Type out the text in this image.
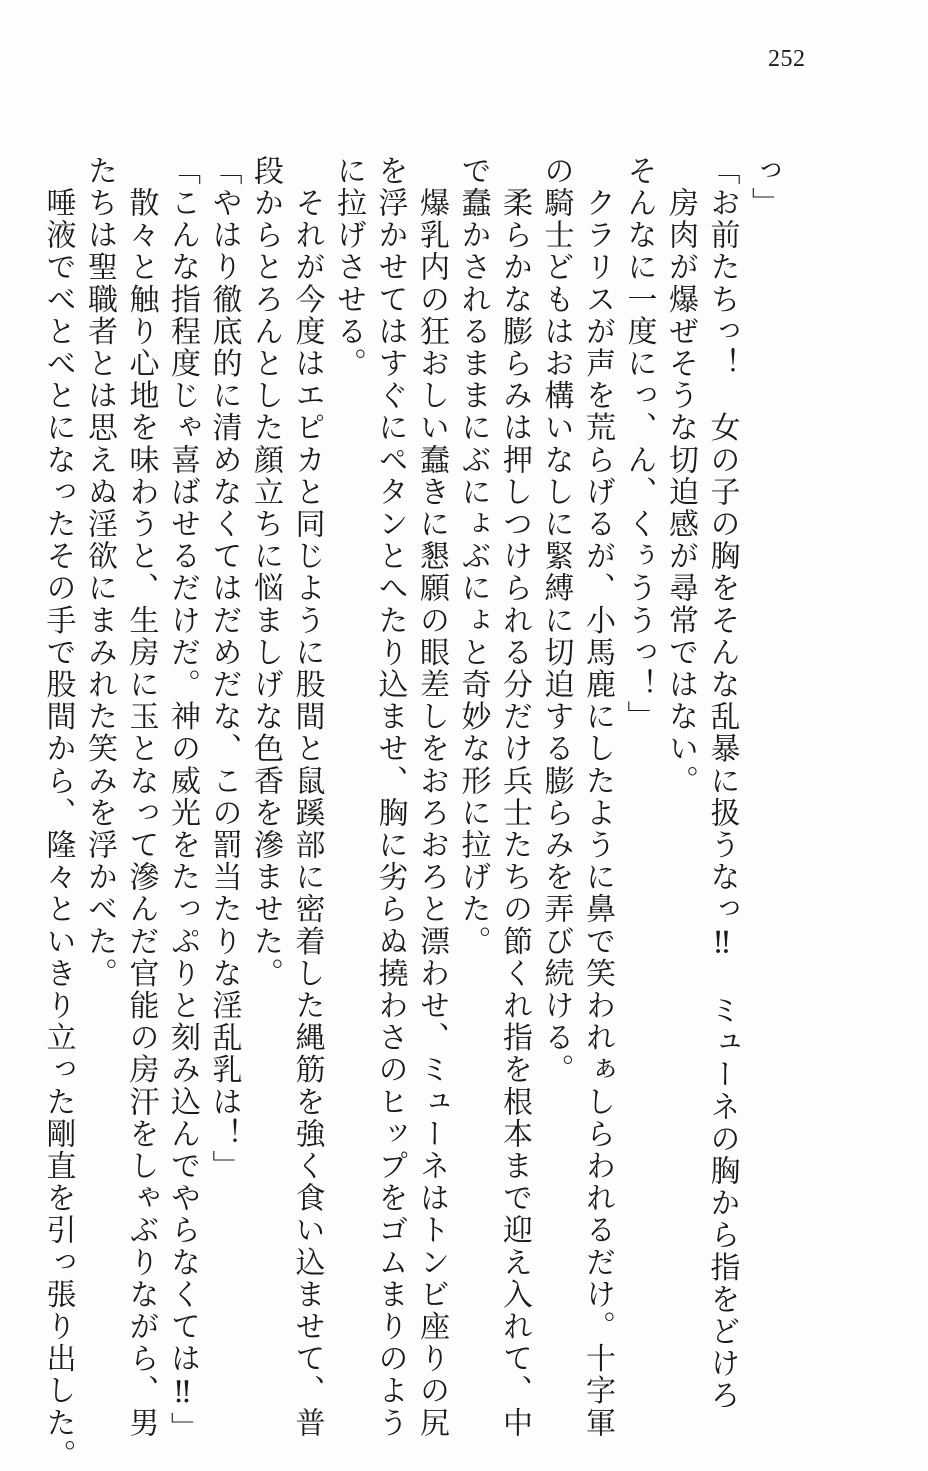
252

っ」

「お前たちっ！　女の子の胸をそんな乱暴に扱うなっ‼　ミューネの胸から指をどけろ

　房肉が爆ぜそうな切迫感が尋常ではない。

そんなに一度にっ、ん、くぅううっ！」

　クラリスが声を荒らげるが、小馬鹿にしたように鼻で笑われぁしらわれるだけ。十字軍

の騎士どもはお構いなしに緊縛に切迫する膨らみを弄び続ける。

　柔らかな膨らみは押しつけられる分だけ兵士たちの節くれ指を根本まで迎え入れて、中

で蠢かされるままにぶにょぶにょと奇妙な形に拉げた。

　爆乳内の狂おしい蠢きに懇願の眼差しをおろおろと漂わせ、ミューネはトンビ座りの尻

を浮かせてはすぐにペタンとへたり込ませ、胸に劣らぬ撓わさのヒップをゴムまりのよう

に拉げさせる。

　それが今度はエピカと同じように股間と鼠蹊部に密着した縄筋を強く食い込ませて、普

段からとろんとした顔立ちに悩ましげな色香を滲ませた。

「やはり徹底的に清めなくてはだめだな、この罰当たりな淫乱乳は！」

「こんな指程度じゃ喜ばせるだけだ。神の威光をたっぷりと刻み込んでやらなくては‼」

　散々と触り心地を味わうと、生房に玉となって滲んだ官能の房汗をしゃぶりながら、男

たちは聖職者とは思えぬ淫欲にまみれた笑みを浮かべた。

　唾液でべとべとになったその手で股間から、隆々といきり立った剛直を引っ張り出した。
